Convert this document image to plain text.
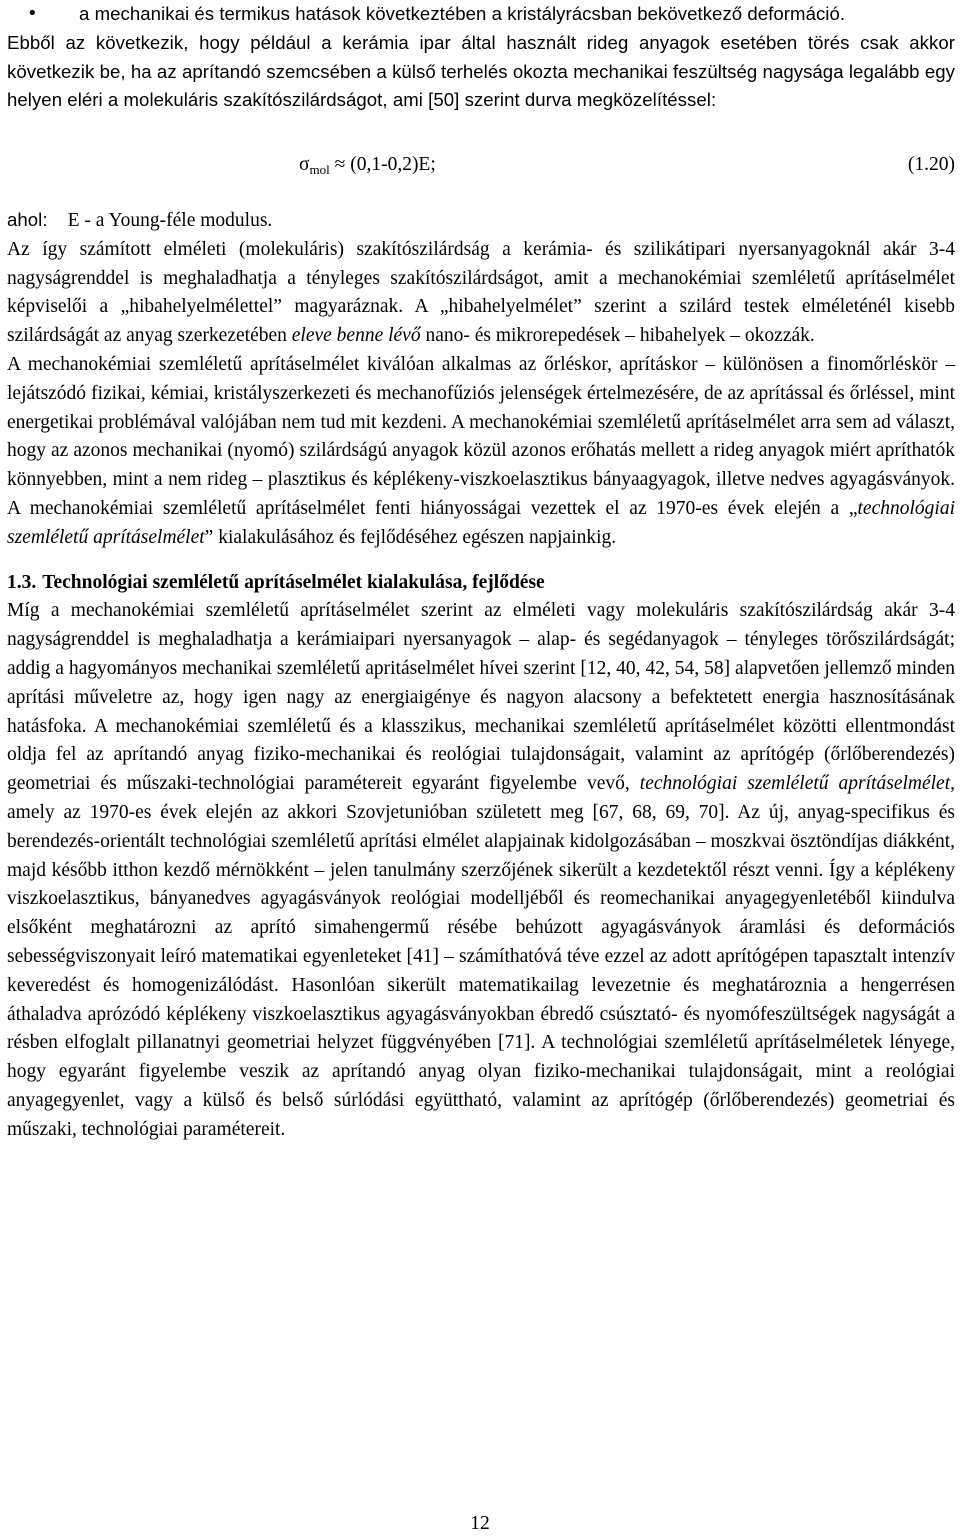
• a mechanikai és termikus hatások következtében a kristályrácsban bekövetkező deformáció.

Ebből az következik, hogy például a kerámia ipar által használt rideg anyagok esetében törés csak akkor következik be, ha az aprítandó szemcsében a külső terhelés okozta mechanikai feszültség nagysága legalább egy helyen eléri a molekuláris szakítószilárdságot, ami [50] szerint durva megközelítéssel:

$\sigma_{mol} \approx (0,1-0,2)E$;	(1.20)

ahol: E - a Young-féle modulus.

Az így számított elméleti (molekuláris) szakítószilárdság a kerámia- és szilikátipari nyersanyagoknál akár 3-4 nagyságrenddel is meghaladhatja a tényleges szakítószilárdságot, amit a mechanokémiai szemléletű aprításelmélet képviselői a „hibahelyelmélettel” magyaráznak. A „hibahelyelmélet” szerint a szilárd testek elméleténél kisebb szilárdságát az anyag szerkezetében eleve benne lévő nano- és mikrorepedések – hibahelyek – okozzák.

A mechanokémiai szemléletű aprításelmélet kiválóan alkalmas az őrléskor, aprításkor – különösen a finomőrléskör – lejátszódó fizikai, kémiai, kristályszerkezeti és mechanofűziós jelenségek értelmezésére, de az aprítással és őrléssel, mint energetikai problémával valójában nem tud mit kezdeni. A mechanokémiai szemléletű aprításelmélet arra sem ad választ, hogy az azonos mechanikai (nyomó) szilárdságú anyagok közül azonos erőhatás mellett a rideg anyagok miért apríthatók könnyebben, mint a nem rideg – plasztikus és képlékeny-viszkoelasztikus bányaagyagok, illetve nedves agyagásványok. A mechanokémiai szemléletű aprításelmélet fenti hiányosságai vezettek el az 1970-es évek elején a „technológiai szemléletű aprításelmélet” kialakulásához és fejlődéséhez egészen napjainkig.

1.3. Technológiai szemléletű aprításelmélet kialakulása, fejlődése

Míg a mechanokémiai szemléletű aprításelmélet szerint az elméleti vagy molekuláris szakítószilárdság akár 3-4 nagyságrenddel is meghaladhatja a kerámiaipari nyersanyagok – alap- és segédanyagok – tényleges törőszilárdságát; addig a hagyományos mechanikai szemléletű apritáselmélet hívei szerint [12, 40, 42, 54, 58] alapvetően jellemző minden aprítási műveletre az, hogy igen nagy az energiaigénye és nagyon alacsony a befektetett energia hasznosításának hatásfoka. A mechanokémiai szemléletű és a klasszikus, mechanikai szemléletű aprításelmélet közötti ellentmondást oldja fel az aprítandó anyag fiziko-mechanikai és reológiai tulajdonságait, valamint az aprítógép (őrlőberendezés) geometriai és műszaki-technológiai paramétereit egyaránt figyelembe vevő, technológiai szemléletű aprításelmélet, amely az 1970-es évek elején az akkori Szovjetunióban született meg [67, 68, 69, 70]. Az új, anyag-specifikus és berendezés-orientált technológiai szemléletű aprítási elmélet alapjainak kidolgozásában – moszkvai ösztöndíjas diákként, majd később itthon kezdő mérnökként – jelen tanulmány szerzőjének sikerült a kezdetektől részt venni. Így a képlékeny viszkoelasztikus, bányanedves agyagásványok reológiai modelljéből és reomechanikai anyagegyenletéből kiindulva elsőként meghatározni az aprító simahengermű résébe behúzott agyagásványok áramlási és deformációs sebességviszonyait leíró matematikai egyenleteket [41] – számíthatóvá téve ezzel az adott aprítógépen tapasztalt intenzív keveredést és homogenizálódást. Hasonlóan sikerült matematikailag levezetnie és meghatároznia a hengerrésen áthaladva aprózódó képlékeny viszkoelasztikus agyagásványokban ébredő csúsztató- és nyomófeszültségek nagyságát a résben elfoglalt pillanatnyi geometriai helyzet függvényében [71]. A technológiai szemléletű aprításelméletek lényege, hogy egyaránt figyelembe veszik az aprítandó anyag olyan fiziko-mechanikai tulajdonságait, mint a reológiai anyagegyenlet, vagy a külső és belső súrlódási együttható, valamint az aprítógép (őrlőberendezés) geometriai és műszaki, technológiai paramétereit.

12
